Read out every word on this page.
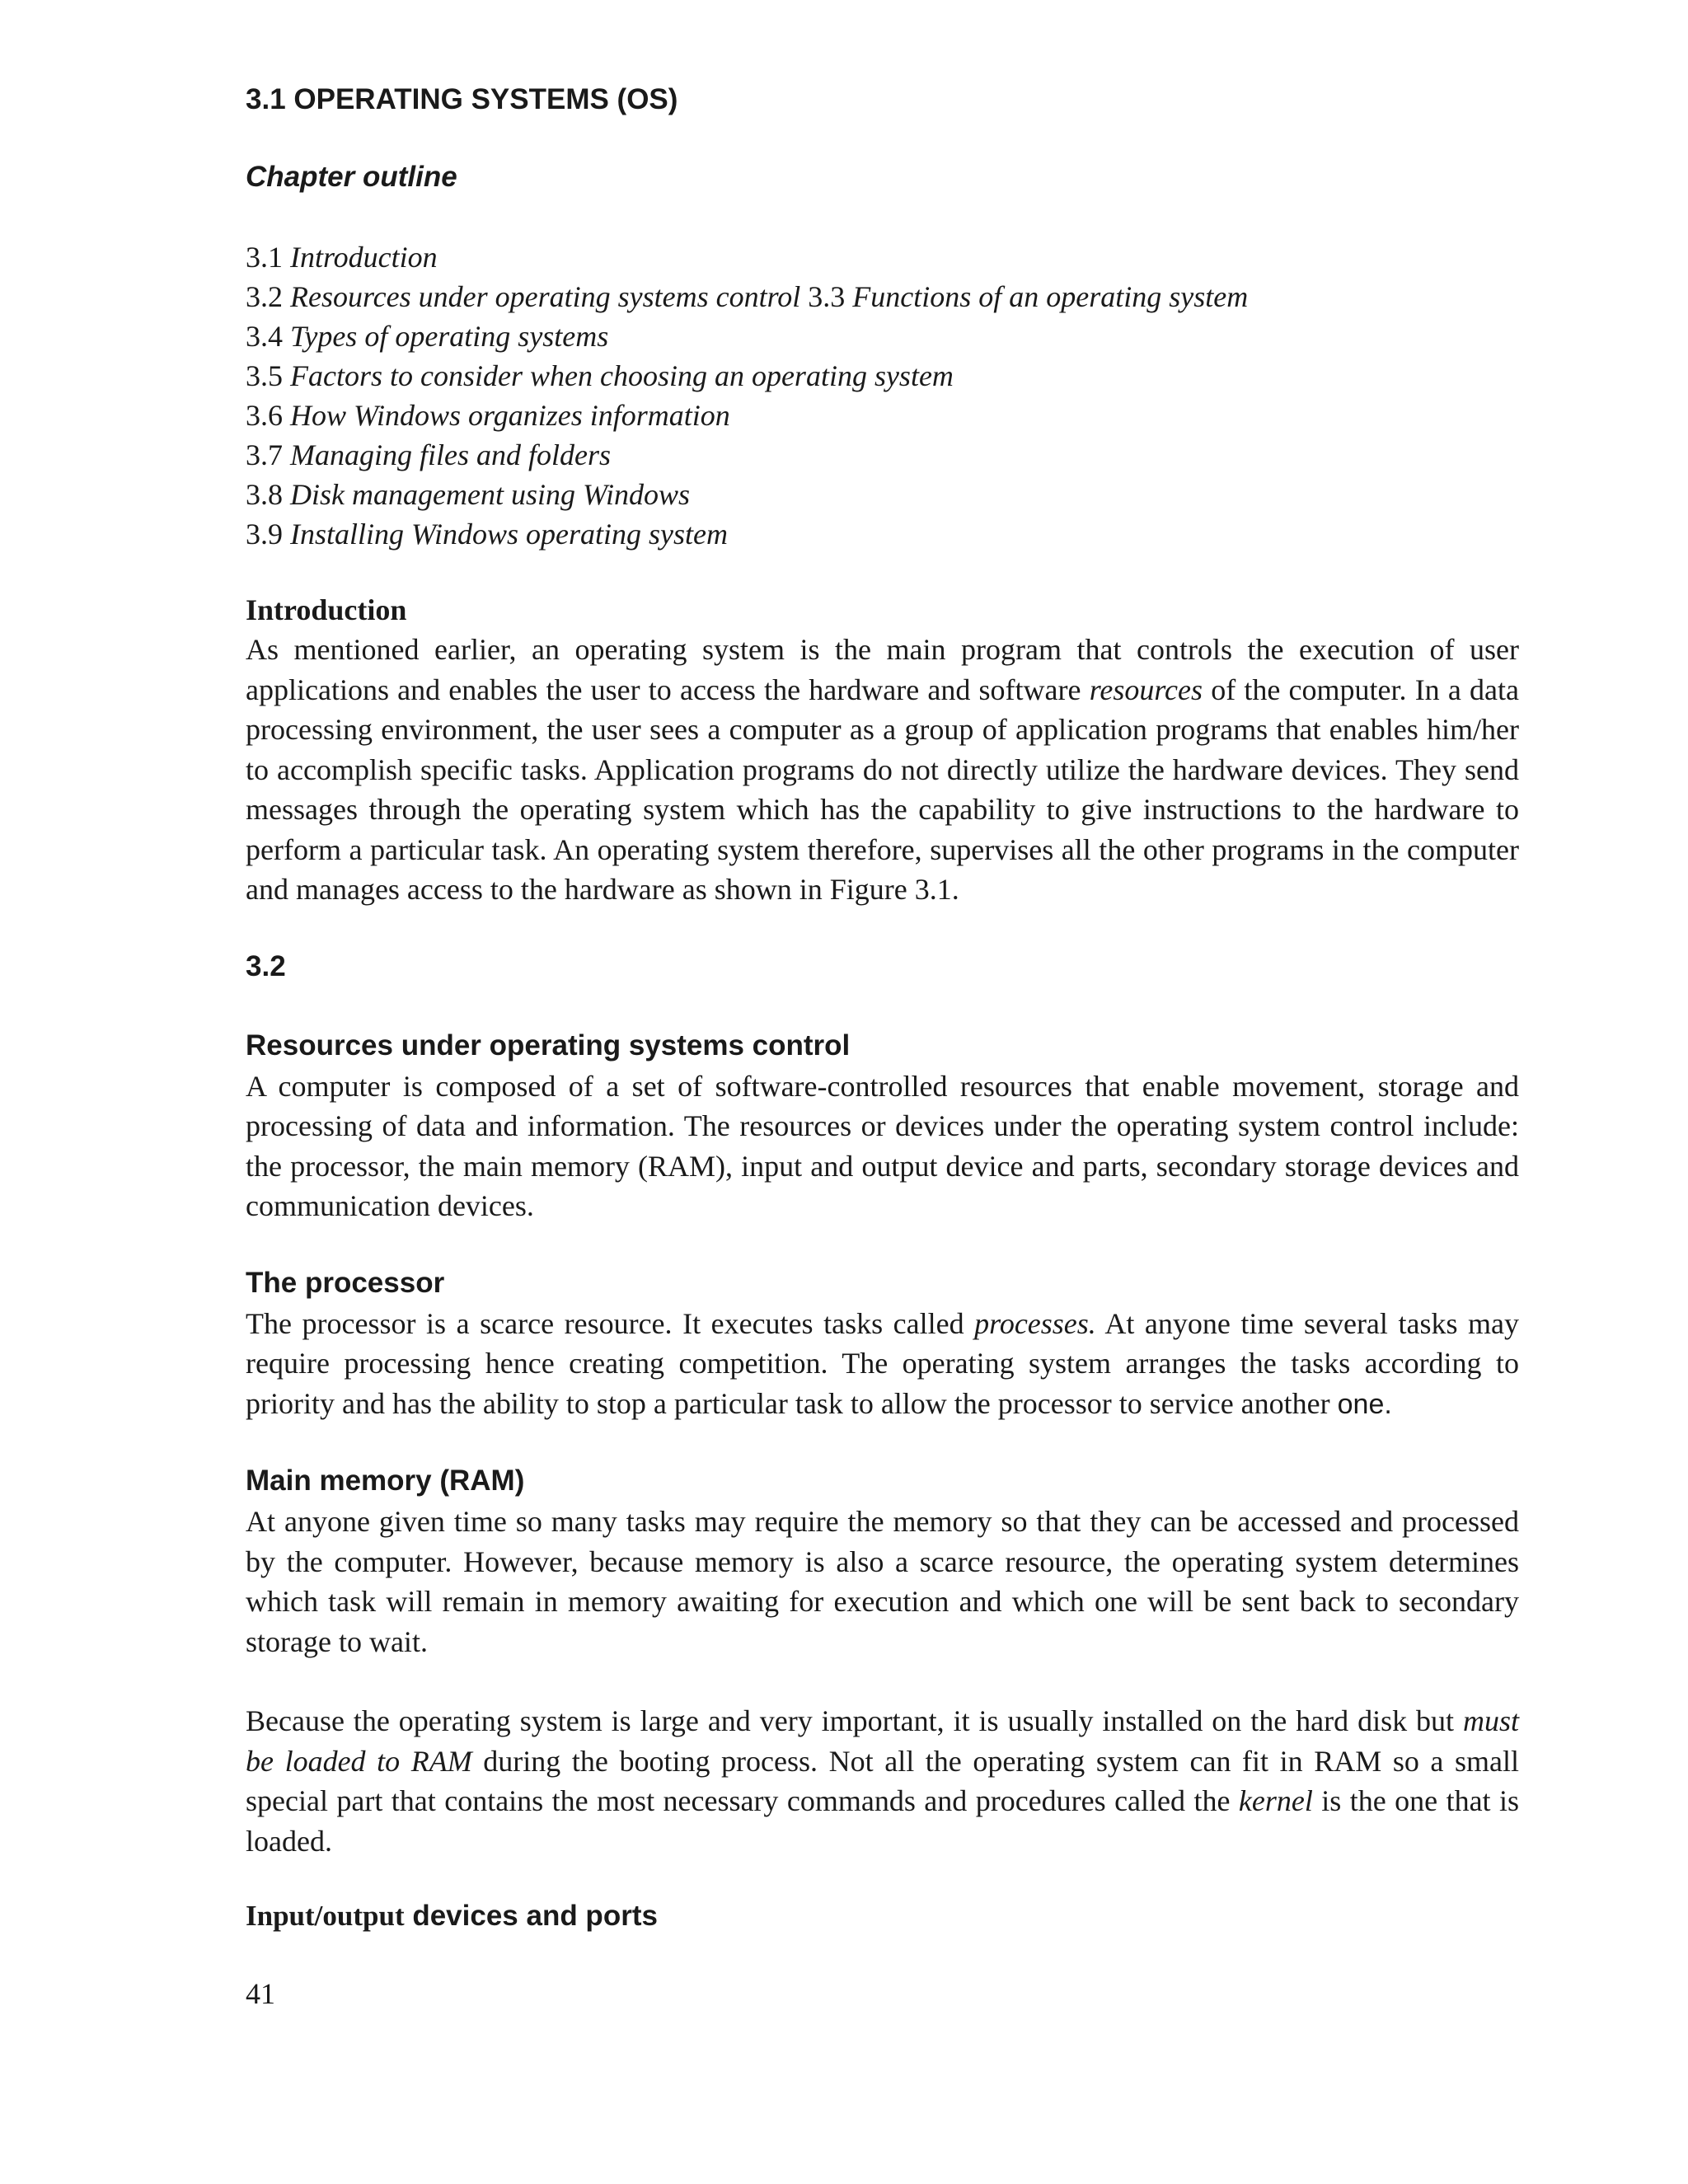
3.1 OPERATING SYSTEMS (OS)
Chapter outline
3.1 Introduction
3.2 Resources under operating systems control 3.3 Functions of an operating system
3.4 Types of operating systems
3.5 Factors to consider when choosing an operating system
3.6 How Windows organizes information
3.7 Managing files and folders
3.8 Disk management using Windows
3.9 Installing Windows operating system
Introduction

As mentioned earlier, an operating system is the main program that controls the execution of user applications and enables the user to access the hardware and software resources of the computer. In a data processing environment, the user sees a computer as a group of application programs that enables him/her to accomplish specific tasks. Application programs do not directly utilize the hardware devices. They send messages through the operating system which has the capability to give instructions to the hardware to perform a particular task. An operating system therefore, supervises all the other programs in the computer and manages access to the hardware as shown in Figure 3.1.

3.2
Resources under operating systems control

A computer is composed of a set of software-controlled resources that enable movement, storage and processing of data and information. The resources or devices under the operating system control include: the processor, the main memory (RAM), input and output device and parts, secondary storage devices and communication devices.

The processor

The processor is a scarce resource. It executes tasks called processes. At anyone time several tasks may require processing hence creating competition. The operating system arranges the tasks according to priority and has the ability to stop a particular task to allow the processor to service another one.

Main memory (RAM)

At anyone given time so many tasks may require the memory so that they can be accessed and processed by the computer. However, because memory is also a scarce resource, the operating system determines which task will remain in memory awaiting for execution and which one will be sent back to secondary storage to wait.

Because the operating system is large and very important, it is usually installed on the hard disk but must be loaded to RAM during the booting process. Not all the operating system can fit in RAM so a small special part that contains the most necessary commands and procedures called the kernel is the one that is loaded.

Input/output devices and ports
41
